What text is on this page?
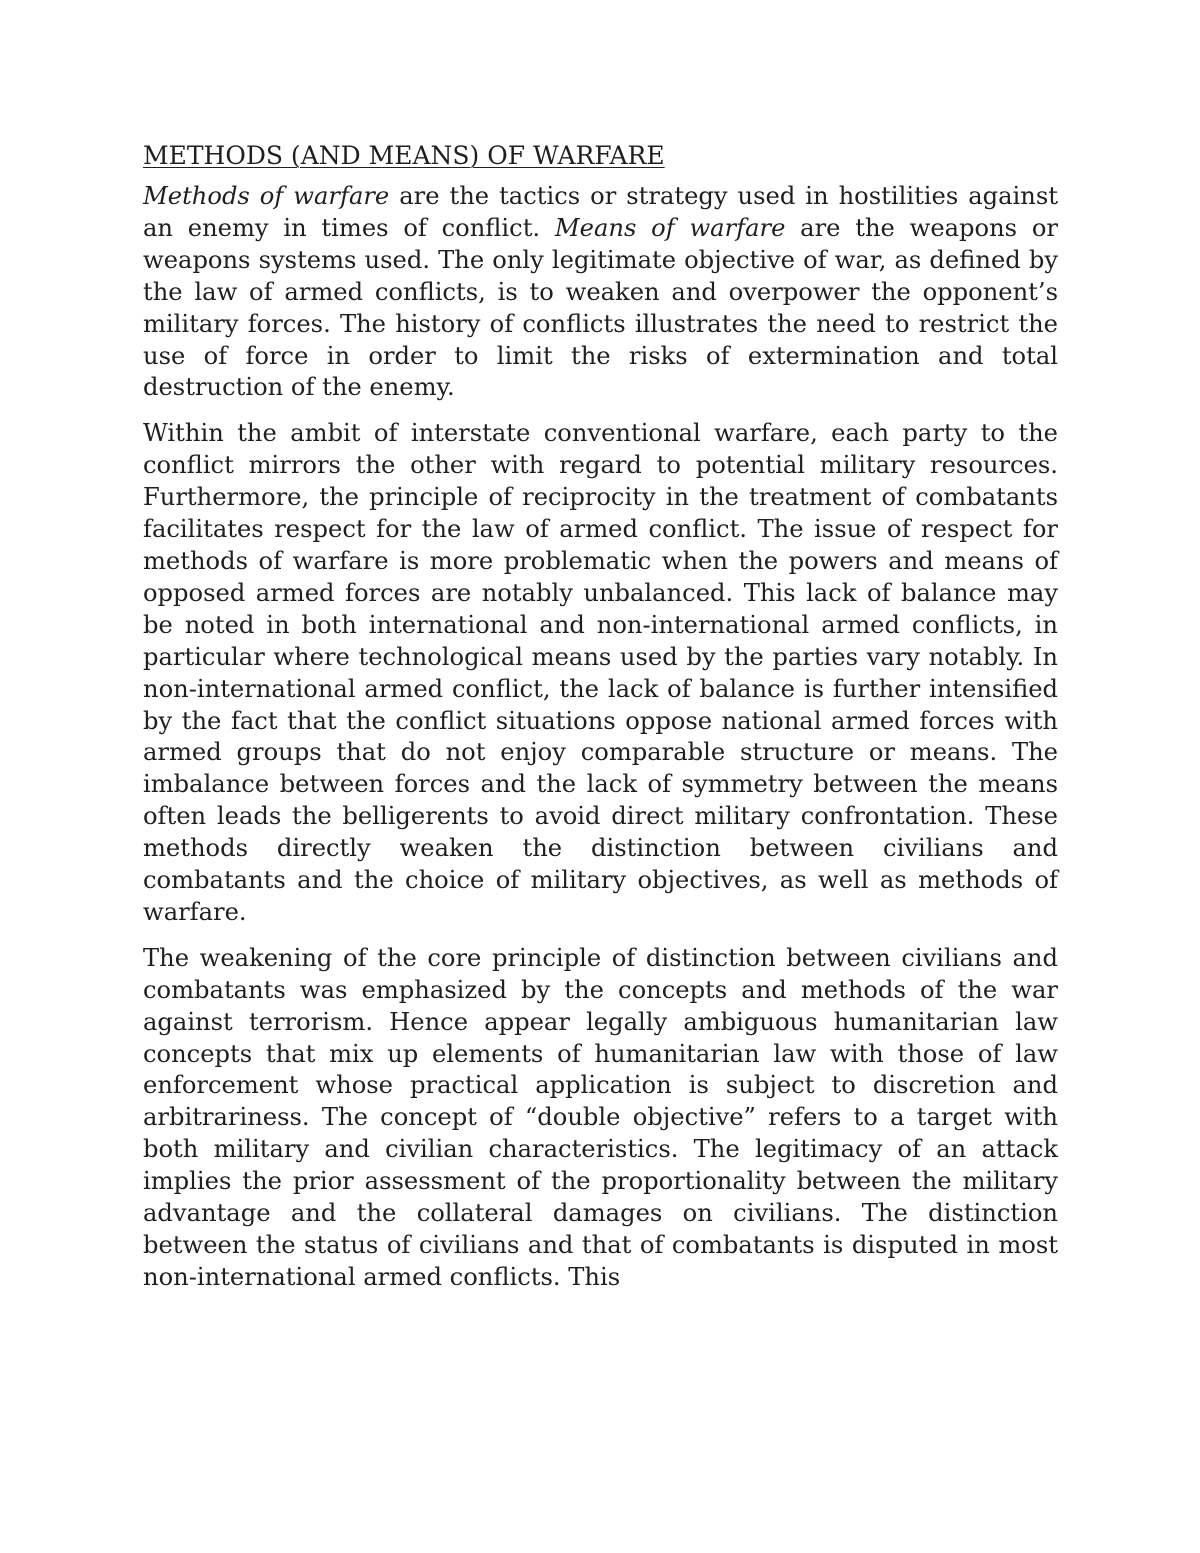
METHODS (AND MEANS) OF WARFARE

Methods of warfare are the tactics or strategy used in hostilities against an enemy in times of conflict. Means of warfare are the weapons or weapons systems used. The only legitimate objective of war, as defined by the law of armed conflicts, is to weaken and overpower the opponent’s military forces. The history of conflicts illustrates the need to restrict the use of force in order to limit the risks of extermination and total destruction of the enemy.

Within the ambit of interstate conventional warfare, each party to the conflict mirrors the other with regard to potential military resources. Furthermore, the principle of reciprocity in the treatment of combatants facilitates respect for the law of armed conflict. The issue of respect for methods of warfare is more problematic when the powers and means of opposed armed forces are notably unbalanced. This lack of balance may be noted in both international and non-international armed conflicts, in particular where technological means used by the parties vary notably. In non-international armed conflict, the lack of balance is further intensified by the fact that the conflict situations oppose national armed forces with armed groups that do not enjoy comparable structure or means. The imbalance between forces and the lack of symmetry between the means often leads the belligerents to avoid direct military confrontation. These methods directly weaken the distinction between civilians and combatants and the choice of military objectives, as well as methods of warfare.

The weakening of the core principle of distinction between civilians and combatants was emphasized by the concepts and methods of the war against terrorism. Hence appear legally ambiguous humanitarian law concepts that mix up elements of humanitarian law with those of law enforcement whose practical application is subject to discretion and arbitrariness. The concept of “double objective” refers to a target with both military and civilian characteristics. The legitimacy of an attack implies the prior assessment of the proportionality between the military advantage and the collateral damages on civilians. The distinction between the status of civilians and that of combatants is disputed in most non-international armed conflicts. This
